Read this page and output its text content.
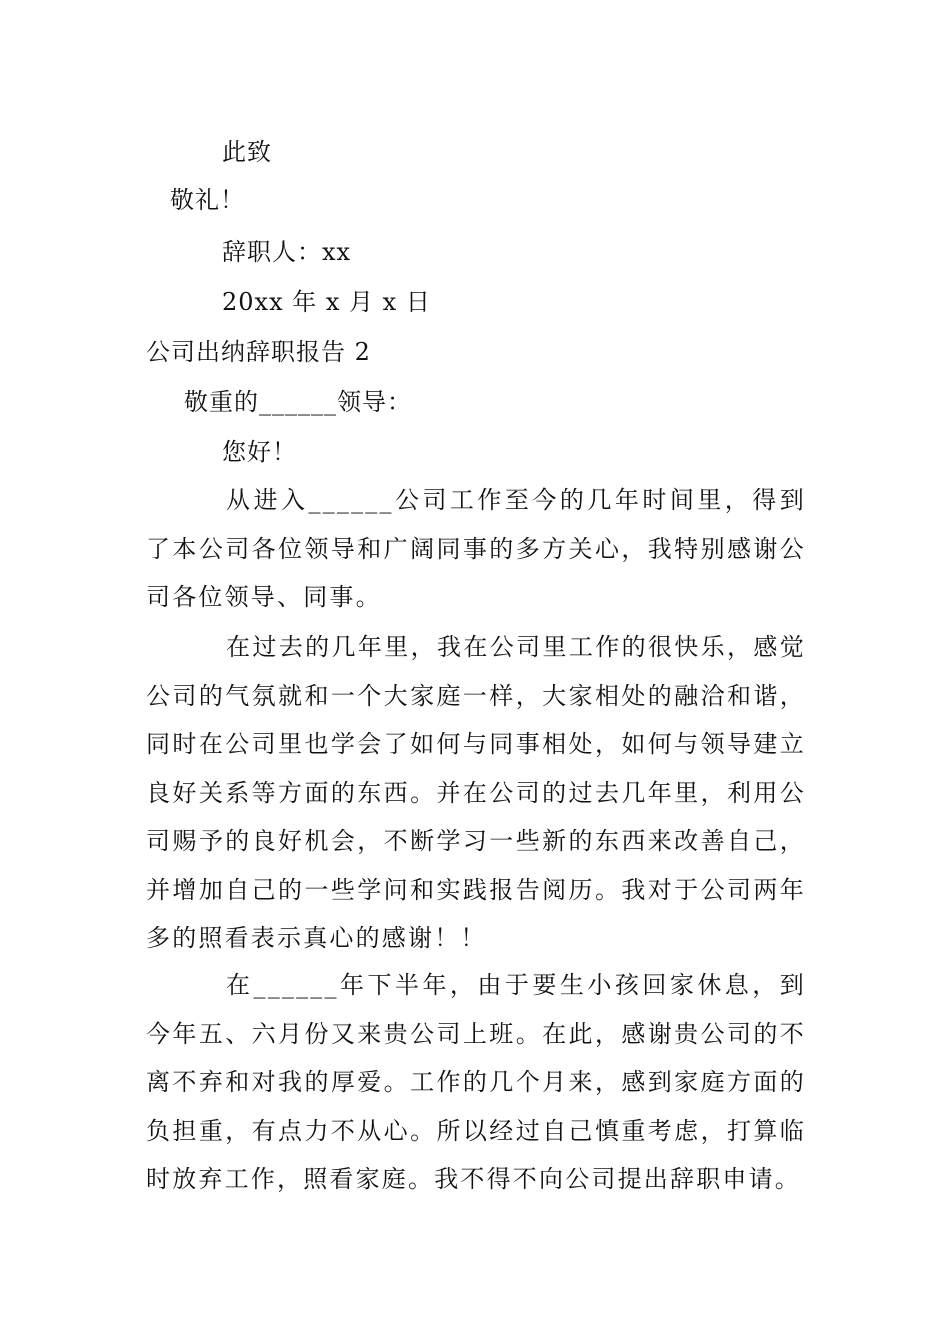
此致
敬礼！
辞职人：xx
20xx 年 x 月 x 日
公司出纳辞职报告 2
敬重的______领导：
您好！
从进入______公司工作至今的几年时间里，得到了本公司各位领导和广阔同事的多方关心，我特别感谢公司各位领导、同事。
在过去的几年里，我在公司里工作的很快乐，感觉公司的气氛就和一个大家庭一样，大家相处的融洽和谐，同时在公司里也学会了如何与同事相处，如何与领导建立良好关系等方面的东西。并在公司的过去几年里，利用公司赐予的良好机会，不断学习一些新的东西来改善自己，并增加自己的一些学问和实践报告阅历。我对于公司两年多的照看表示真心的感谢！！
在______年下半年，由于要生小孩回家休息，到今年五、六月份又来贵公司上班。在此，感谢贵公司的不离不弃和对我的厚爱。工作的几个月来，感到家庭方面的负担重，有点力不从心。所以经过自己慎重考虑，打算临时放弃工作，照看家庭。我不得不向公司提出辞职申请。
